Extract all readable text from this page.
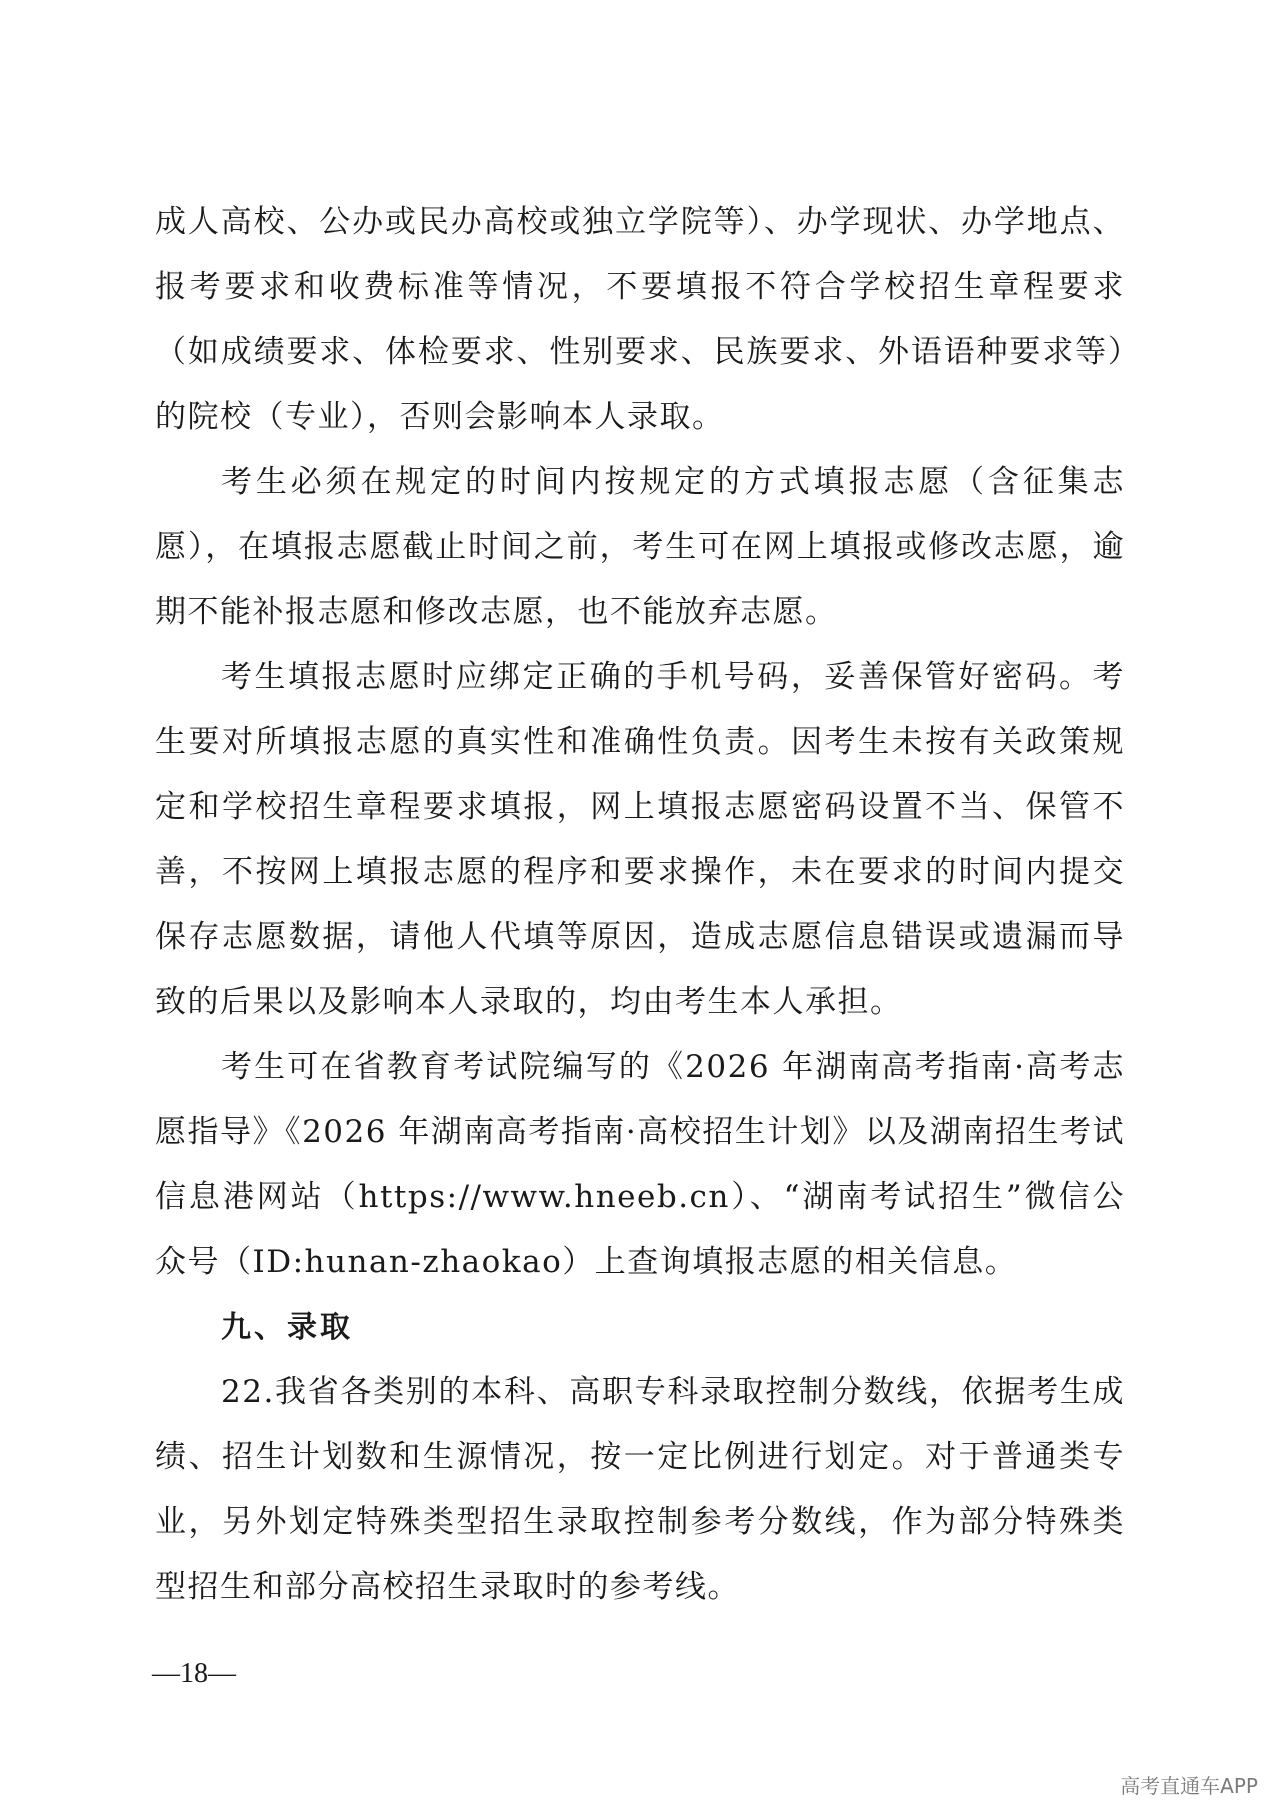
成人高校、公办或民办高校或独立学院等）、办学现状、办学地点、报考要求和收费标准等情况，不要填报不符合学校招生章程要求（如成绩要求、体检要求、性别要求、民族要求、外语语种要求等）的院校（专业），否则会影响本人录取。

考生必须在规定的时间内按规定的方式填报志愿（含征集志愿），在填报志愿截止时间之前，考生可在网上填报或修改志愿，逾期不能补报志愿和修改志愿，也不能放弃志愿。

考生填报志愿时应绑定正确的手机号码，妥善保管好密码。考生要对所填报志愿的真实性和准确性负责。因考生未按有关政策规定和学校招生章程要求填报，网上填报志愿密码设置不当、保管不善，不按网上填报志愿的程序和要求操作，未在要求的时间内提交保存志愿数据，请他人代填等原因，造成志愿信息错误或遗漏而导致的后果以及影响本人录取的，均由考生本人承担。

考生可在省教育考试院编写的《2026 年湖南高考指南·高考志愿指导》《2026 年湖南高考指南·高校招生计划》以及湖南招生考试信息港网站（https://www.hneeb.cn）、“湖南考试招生”微信公众号（ID:hunan-zhaokao）上查询填报志愿的相关信息。

九、录取

22.我省各类别的本科、高职专科录取控制分数线，依据考生成绩、招生计划数和生源情况，按一定比例进行划定。对于普通类专业，另外划定特殊类型招生录取控制参考分数线，作为部分特殊类型招生和部分高校招生录取时的参考线。

—18—
高考直通车APP
